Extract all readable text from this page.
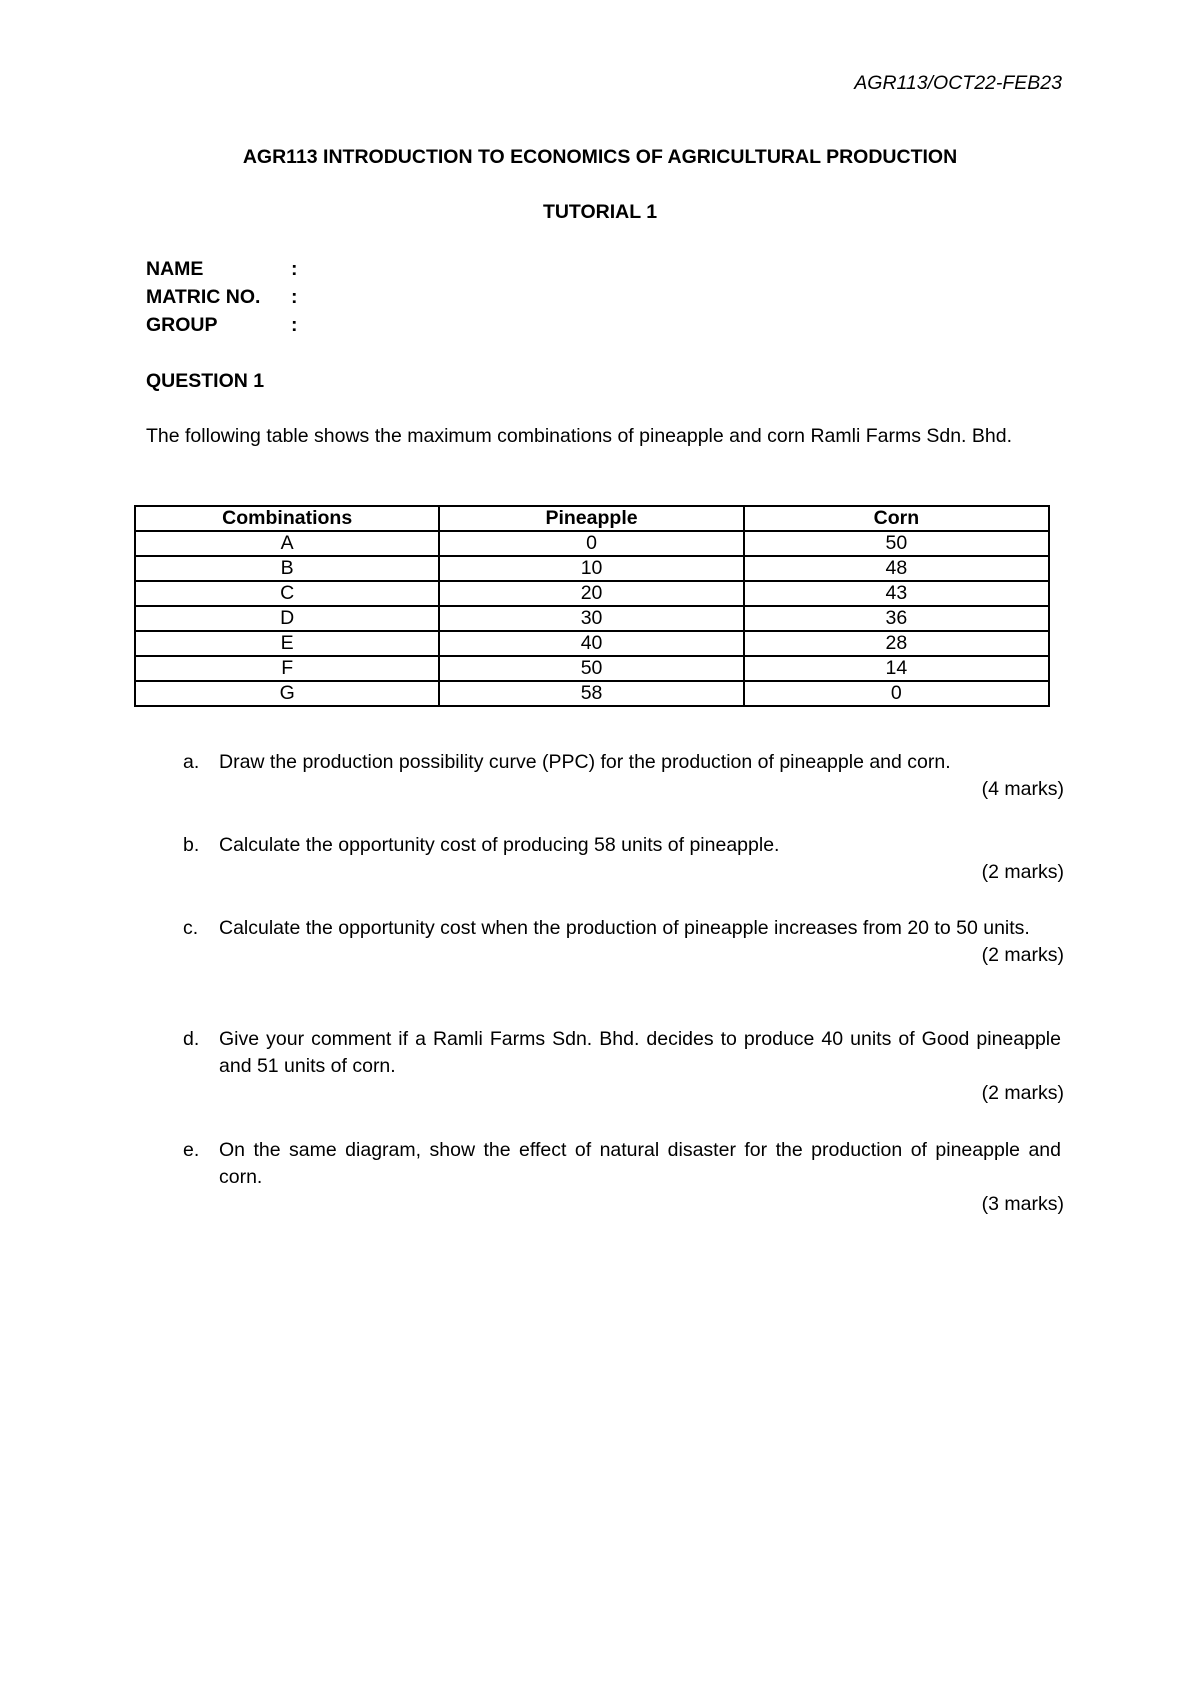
AGR113/OCT22-FEB23
AGR113 INTRODUCTION TO ECONOMICS OF AGRICULTURAL PRODUCTION
TUTORIAL 1
NAME	:
MATRIC NO. :
GROUP	:
QUESTION 1
The following table shows the maximum combinations of pineapple and corn Ramli Farms Sdn. Bhd.
Combinations	Pineapple	Corn
A	0	50
B	10	48
C	20	43
D	30	36
E	40	28
F	50	14
G	58	0
a. Draw the production possibility curve (PPC) for the production of pineapple and corn.
(4 marks)
b. Calculate the opportunity cost of producing 58 units of pineapple.
(2 marks)
c. Calculate the opportunity cost when the production of pineapple increases from 20 to 50 units.
(2 marks)
d. Give your comment if a Ramli Farms Sdn. Bhd. decides to produce 40 units of Good pineapple and 51 units of corn.
(2 marks)
e. On the same diagram, show the effect of natural disaster for the production of pineapple and corn.
(3 marks)
